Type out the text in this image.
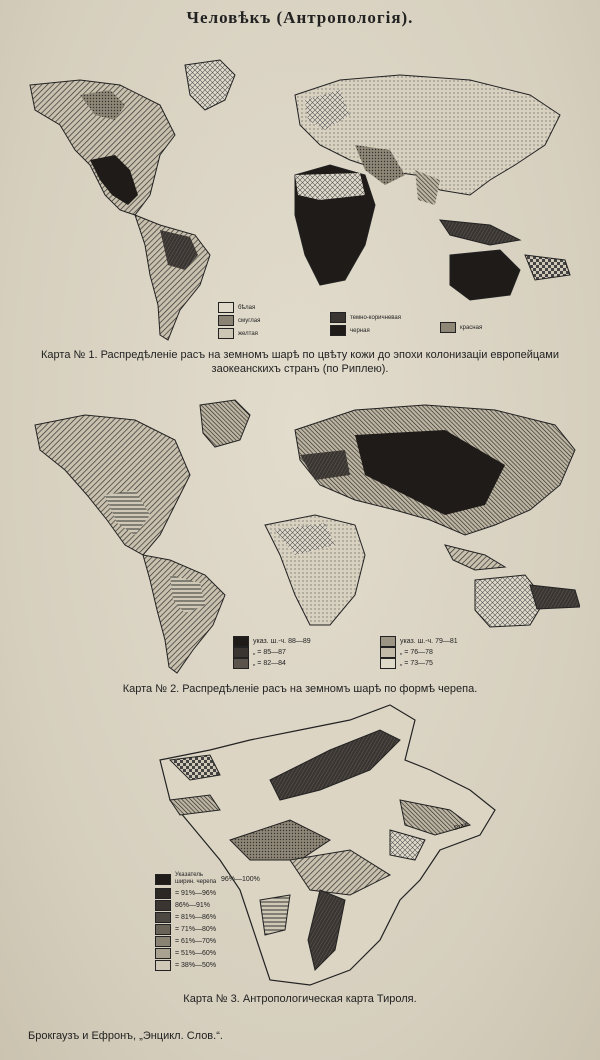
Человѣкъ (Антропологія).
бѣлая
смуглая
желтая
темно-коричневая
черная	красная
Карта № 1. Распредѣленіе расъ на земномъ шарѣ по цвѣту кожи до эпохи колонизаціи европейцами
заокеанскихъ странъ (по Риплею).
указ. ш.-ч.
88—89
„
= 85—87
„
= 82—84
указ. ш.-ч.
79—81
„
= 76—78
„
= 73—75
Карта № 2. Распредѣленіе расъ на земномъ шарѣ по формѣ черепа.
Dravi
Указатель ширин. черепа
96%—100%
= 91%—96%
86%—91%
= 81%—86%
= 71%—80%
= 61%—70%
= 51%—60%
= 38%—50%
Карта № 3. Антропологическая карта Тироля.
Брокгаузъ и Ефронъ, „Энцикл. Слов.“.
